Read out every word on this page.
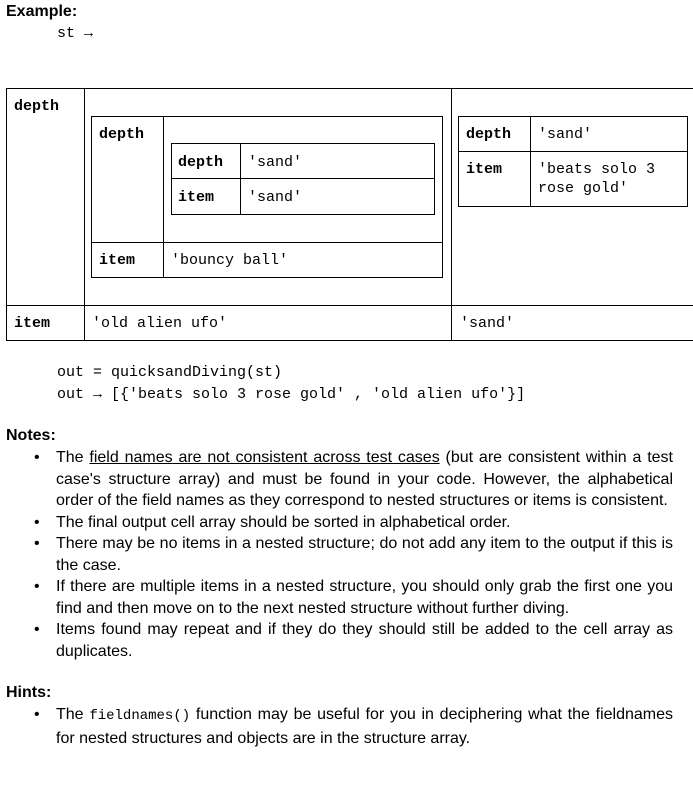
Example:
st →
depth
item	'old alien ufo'	'sand'
depth
item 'bouncy ball'
depth 'sand'
item 'sand'
depth 'sand'
item 'beats solo 3
rose gold'
out = quicksandDiving(st)
out → [{'beats solo 3 rose gold' , 'old alien ufo'}]
Notes:
• The field names are not consistent across test cases (but are consistent within a test case's structure array) and must be found in your code. However, the alphabetical order of the field names as they correspond to nested structures or items is consistent.
• The final output cell array should be sorted in alphabetical order.
• There may be no items in a nested structure; do not add any item to the output if this is the case.
• If there are multiple items in a nested structure, you should only grab the first one you find and then move on to the next nested structure without further diving.
• Items found may repeat and if they do they should still be added to the cell array as duplicates.
Hints:
• The fieldnames() function may be useful for you in deciphering what the fieldnames for nested structures and objects are in the structure array.
